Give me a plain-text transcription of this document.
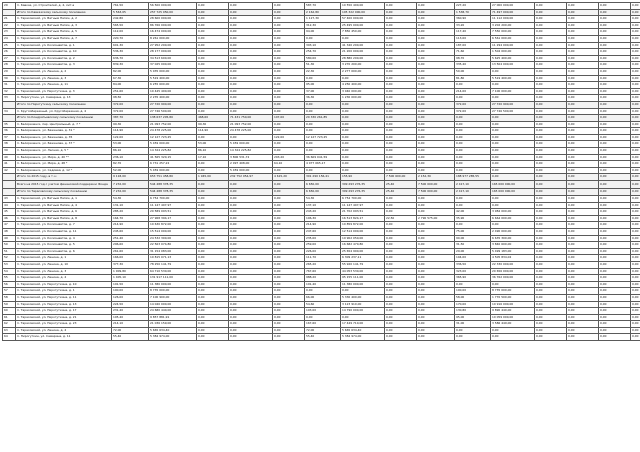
20	п. Кавказ, ул. Строителей, д. 4, лит.а	761,50	56 500 000,00	0,00	0,00	0,00	587,70	10 550 400,00	0,00	0,00	227,20	27 000 000,00	0,00	0,00	0,00	0,00
	Итого по Кавказскому сельскому поселению	5 563,05	257 725 050,00	0,00	0,00	0,00	2 162,80	105 322 000,00	0,00	0,00	1 538,70	71 497 000,00	0,00	0,00	0,00	0,00
21	п. Тарасовский, ул. Ватным Нагим, д. 2	242,80	28 600 000,00	0,00	0,00	0,00	1 127,30	57 400 000,00	0,00	0,00	360,90	11 112 000,00	0,00	0,00	0,00	0,00
22	п. Тарасовский, ул. Ватным Нагим, д. 3	565,50	86 766 000,00	0,00	0,00	0,00	312,30	25 495 000,00	0,00	0,00	33,20	3 202 200,00	0,00	0,00	0,00	0,00
23	п. Тарасовский, ул. Ватным Нагим, д. 5	112,00	16 474 000,00	0,00	0,00	0,00	94,00	7 850 450,00	0,00	0,00	117,40	7 550 000,00	0,00	0,00	0,00	0,00
24	п. Тарасовский, ул. Ватным Нагим, д. 7	220,70	8 261 000,00	0,00	0,00	0,00	0,00	0,00	0,00	0,00	113,00	6 561 000,00	0,00	0,00	0,00	0,00
25	п. Тарасовский, ул. Космонавтов, д. 1	601,30	27 952 200,00	0,00	0,00	0,00	393,10	41 340 200,00	0,00	0,00	187,00	11 294 000,00	0,00	0,00	0,00	0,00
26	п. Тарасовский, ул. Космонавтов, д. 10	536,30	28 177 000,00	0,00	0,00	0,00	254,70	21 200 000,00	0,00	0,00	71,60	1 504 000,00	0,00	0,00	0,00	0,00
27	п. Тарасовский, ул. Космонавтов, д. 2	636,70	34 513 600,00	0,00	0,00	0,00	580,00	28 880 200,00	0,00	0,00	98,70	5 625 400,00	0,00	0,00	0,00	0,00
28	п. Тарасовский, ул. Космонавтов, д. 3	839,30	37 025 000,00	0,00	0,00	0,00	51,30	3 270 200,00	0,00	0,00	335,40	13 504 000,00	0,00	0,00	0,00	0,00
29	п. Тарасовский, ул. Ленина, д. 2	82,00	5 035 000,00	0,00	0,00	0,00	22,30	2 277 000,00	0,00	0,00	50,00	0,00	0,00	0,00	0,00	0,00
30	п. Тарасовский, ул. Ленина, д. 3	67,30	5 519 400,00	0,00	0,00	0,00	0,00	0,00	0,00	0,00	81,80	5 519 400,00	0,00	0,00	0,00	0,00
31	п. Тарасовский, ул. Ленина, д. 11	84,00	6 255 600,00	0,00	0,00	0,00	95,00	4 250 400,00	0,00	0,00	0,00	0,00	0,00	0,00	0,00	0,00
32	п. Тарасовский, ул. Пирогуткина, д. 3	251,60	10 445 400,00	0,00	0,00	0,00	37,00	3 040 000,00	0,00	0,00	214,00	7 100 000,00	0,00	0,00	0,00	0,00
33	п. Пирогуткин, ул. Самарина, д. 13	98,50	2 235 400,00	0,00	0,00	0,00	36,30	1 230 000,00	0,00	0,00	0,00	0,00	0,00	0,00	0,00	0,00
	Итого по Пирогуткину сельскому поселению	372,00	27 720 900,00	0,00	0,00	0,00	0,00	0,00	0,00	0,00	372,00	27 720 900,00	0,00	0,00	0,00	0,00
34	п. Круглобережный, ул. Кругобережная, д. 4	372,00	27 746 500,00	0,00	0,00	0,00	0,00	0,00	0,00	0,00	372,00	27 746 500,00	0,00	0,00	0,00	0,00
	Итого по Кондратьевскому сельскому поселению	387,70	138 637 205,80	468,60	71 431 750,00	107,00	20 330 261,85	0,00	0,00	0,00	0,00	0,00	0,00	0,00	0,00	0,00
35	п. Белореченск, пер. Центральный, д. 7 *	99,30	21 093 752,00	99,30	21 093 752,00	0,00	0,00	0,00	0,00	0,00	0,00	0,00	0,00	0,00	0,00	0,00
36	п. Белореченск, ул. Баженова, д. 31 *	114,90	24 478 225,00	114,90	24 478 225,00	0,00	0,00	0,00	0,00	0,00	0,00	0,00	0,00	0,00	0,00	0,00
37	п. Белореченск, ул. Баженова, д. 35	122,00	12 127 723,25	0,00	0,00	122,00	12 127 723,25	0,00	0,00	0,00	0,00	0,00	0,00	0,00	0,00	0,00
38	п. Белореченск, ул. Баженова, д. 37 *	53,00	5 459 000,00	53,00	5 459 000,00	0,00	0,00	0,00	0,00	0,00	0,00	0,00	0,00	0,00	0,00	0,00
39	п. Белореченск, ул. Лесная, д. 5 *	86,10	14 324 225,82	86,10	14 324 225,82	0,00	0,00	0,00	0,00	0,00	0,00	0,00	0,00	0,00	0,00	0,00
40	п. Белореченск, ул. Мира, д. 40 **	236,10	41 565 320,15	17,10	3 806 531,72	203,20	36 609 041,59	0,00	0,00	0,00	0,00	0,00	0,00	0,00	0,00	0,00
41	п. Белореченск, ул. Мира, д. 48 *	82,70	6 731 257,22	0,00	2 097 408,00	64,10	4 077 065,17	0,00	0,00	0,00	0,00	0,00	0,00	0,00	0,00	0,00
42	п. Белореченск, ул. Садовая, д. 12 *	52,00	5 459 000,00	0,00	5 459 000,00	0,00	0,00	0,00	0,00	0,00	0,00	0,00	0,00	0,00	0,00	0,00
	Итого по 2015 году, в т.ч.:	9 118,00	653 751 458,80	1 945,00	232 752 954,97	4 615,20	301 290 156,41	155,90	7 500 600,00	2 152,30	188 977 285,55	0,00	0,00	0,00	0,00	0,00
	Всего на 2015 год с учетом финансовой поддержки Фонда	7 232,00	544 488 378,35	0,00	0,00	0,00	6 650,00	309 293 276,35	25,40	7 500 000,00	2 417,10	165 000 000,00	0,00	0,00	0,00	0,00
	Итого по Тарасовскому сельскому поселению	7 232,00	544 488 378,35	0,00	0,00	0,00	6 650,00	309 293 276,35	25,40	7 500 000,00	2 417,10	165 000 000,00	0,00	0,00	0,00	0,00
43	п. Тарасовский, ул. Ватным Нагим, д. 1	54,30	6 754 700,00	0,00	0,00	0,00	54,30	6 754 700,00	0,00	0,00	0,00	0,00	0,00	0,00	0,00	0,00
44	п. Тарасовский, ул. Ватным Нагим, д. 4	131,10	11 147 407,97	0,00	0,00	0,00	137,10	11 147 407,97	0,00	0,00	0,00	0,00	0,00	0,00	0,00	0,00
45	п. Тарасовский, ул. Ватным Нагим, д. 6	285,20	20 589 093,51	0,00	0,00	0,00	243,20	21 702 093,51	0,00	0,00	42,00	3 984 000,00	0,00	0,00	0,00	0,00
46	п. Тарасовский, ул. Ватным Нагим, д. 8	164,70	27 968 394,17	0,00	0,00	0,00	106,30	16 513 824,17	22,50	2 790 575,00	35,90	6 664 000,00	0,00	0,00	0,00	0,00
47	п. Тарасовский, ул. Космонавтов, д. 7	214,90	10 630 872,00	0,00	0,00	0,00	214,90	10 859 872,00	0,00	0,00	0,00	0,00	0,00	0,00	0,00	0,00
48	п. Тарасовский, ул. Космонавтов, д. 11	245,60	15 514 000,00	0,00	0,00	0,00	247,60	12 514 000,00	0,00	0,00	75,00	2 490 000,00	0,00	0,00	0,00	0,00
49	п. Тарасовский, ул. Космонавтов, д. 4	251,40	24 532 300,00	0,00	0,00	0,00	235,00	19 902 050,00	0,00	0,00	90,00	6 635 300,00	0,00	0,00	0,00	0,00
50	п. Тарасовский, ул. Космонавтов, д. 5	296,60	22 563 074,80	0,00	0,00	0,00	259,00	16 682 470,80	0,00	0,00	31,50	3 840 600,00	0,00	0,00	0,00	0,00
51	п. Тарасовский, ул. Космонавтов, д. 6	261,60	31 154 083,00	0,00	0,00	0,00	226,00	25 654 900,00	0,00	0,00	29,00	5 499 183,00	0,00	0,00	0,00	0,00
52	п. Тарасовский, ул. Ленина, д. 1	166,00	10 815 071,13	0,00	0,00	0,00	111,70	6 309 237,11	0,00	0,00	104,00	4 505 834,02	0,00	0,00	0,00	0,00
53	п. Тарасовский, ул. Ленина, д. 10	377,30	78 250 141,79	0,00	0,00	0,00	265,20	55 920 141,79	0,00	0,00	336,50	22 330 000,00	0,00	0,00	0,00	0,00
54	п. Тарасовский, ул. Ленина, д. 3	1 009,80	64 710 530,00	0,00	0,00	0,00	767,60	44 053 530,00	0,00	0,00	323,00	20 656 000,00	0,00	0,00	0,00	0,00
55	п. Тарасовский, ул. Ленина, д. 4	1 405,10	131 917 111,00	0,00	0,00	0,00	988,20	95 155 111,00	0,00	0,00	365,90	36 762 000,00	0,00	0,00	0,00	0,00
56	п. Тарасовский, ул. Пирогуткина, д. 10	191,50	11 380 000,00	0,00	0,00	0,00	191,40	11 380 000,00	0,00	0,00	0,00	0,00	0,00	0,00	0,00	0,00
57	п. Тарасовский, ул. Пирогуткина, д. 1	100,00	8 735 000,00	0,00	0,00	0,00	0,00	0,00	0,00	0,00	100,00	8 735 000,00	0,00	0,00	0,00	0,00
58	п. Тарасовский, ул. Пирогуткина, д. 11	126,00	7 100 900,00	0,00	0,00	0,00	66,00	5 330 400,00	0,00	0,00	58,00	1 770 500,00	0,00	0,00	0,00	0,00
59	п. Тарасовский, ул. Пирогуткина, д. 13	224,50	14 040 000,00	0,00	0,00	0,00	54,60	3 123 910,00	0,00	0,00	170,00	10 916 090,00	0,00	0,00	0,00	0,00
60	п. Тарасовский, ул. Пирогуткина, д. 17	231,40	24 680 440,00	0,00	0,00	0,00	193,00	14 790 000,00	0,00	0,00	130,80	9 890 440,00	0,00	0,00	0,00	0,00
61	п. Тарасовский, ул. Пирогуткина, д. 21	105,40	9 857 881,91	0,00	0,00	0,00	0,00	0,00	0,00	0,00	95,00	10 059 000,00	0,00	0,00	0,00	0,00
62	п. Тарасовский, ул. Пирогуткина, д. 23	214,10	21 036 159,00	0,00	0,00	0,00	167,60	17 449 710,00	0,00	0,00	31,00	3 586 449,00	0,00	0,00	0,00	0,00
63	п. Тарасовский, ул. Ленина, д. 4	72,00	5 665 634,40	0,00	0,00	0,00	72,00	5 665 634,40	0,00	0,00	0,00	0,00	0,00	0,00	0,00	0,00
64	п. Пирогуткин, ул. Самарина, д. 11	55,40	5 384 974,00	0,00	0,00	0,00	55,40	5 384 974,00	0,00	0,00	0,00	0,00	0,00	0,00	0,00	0,00
